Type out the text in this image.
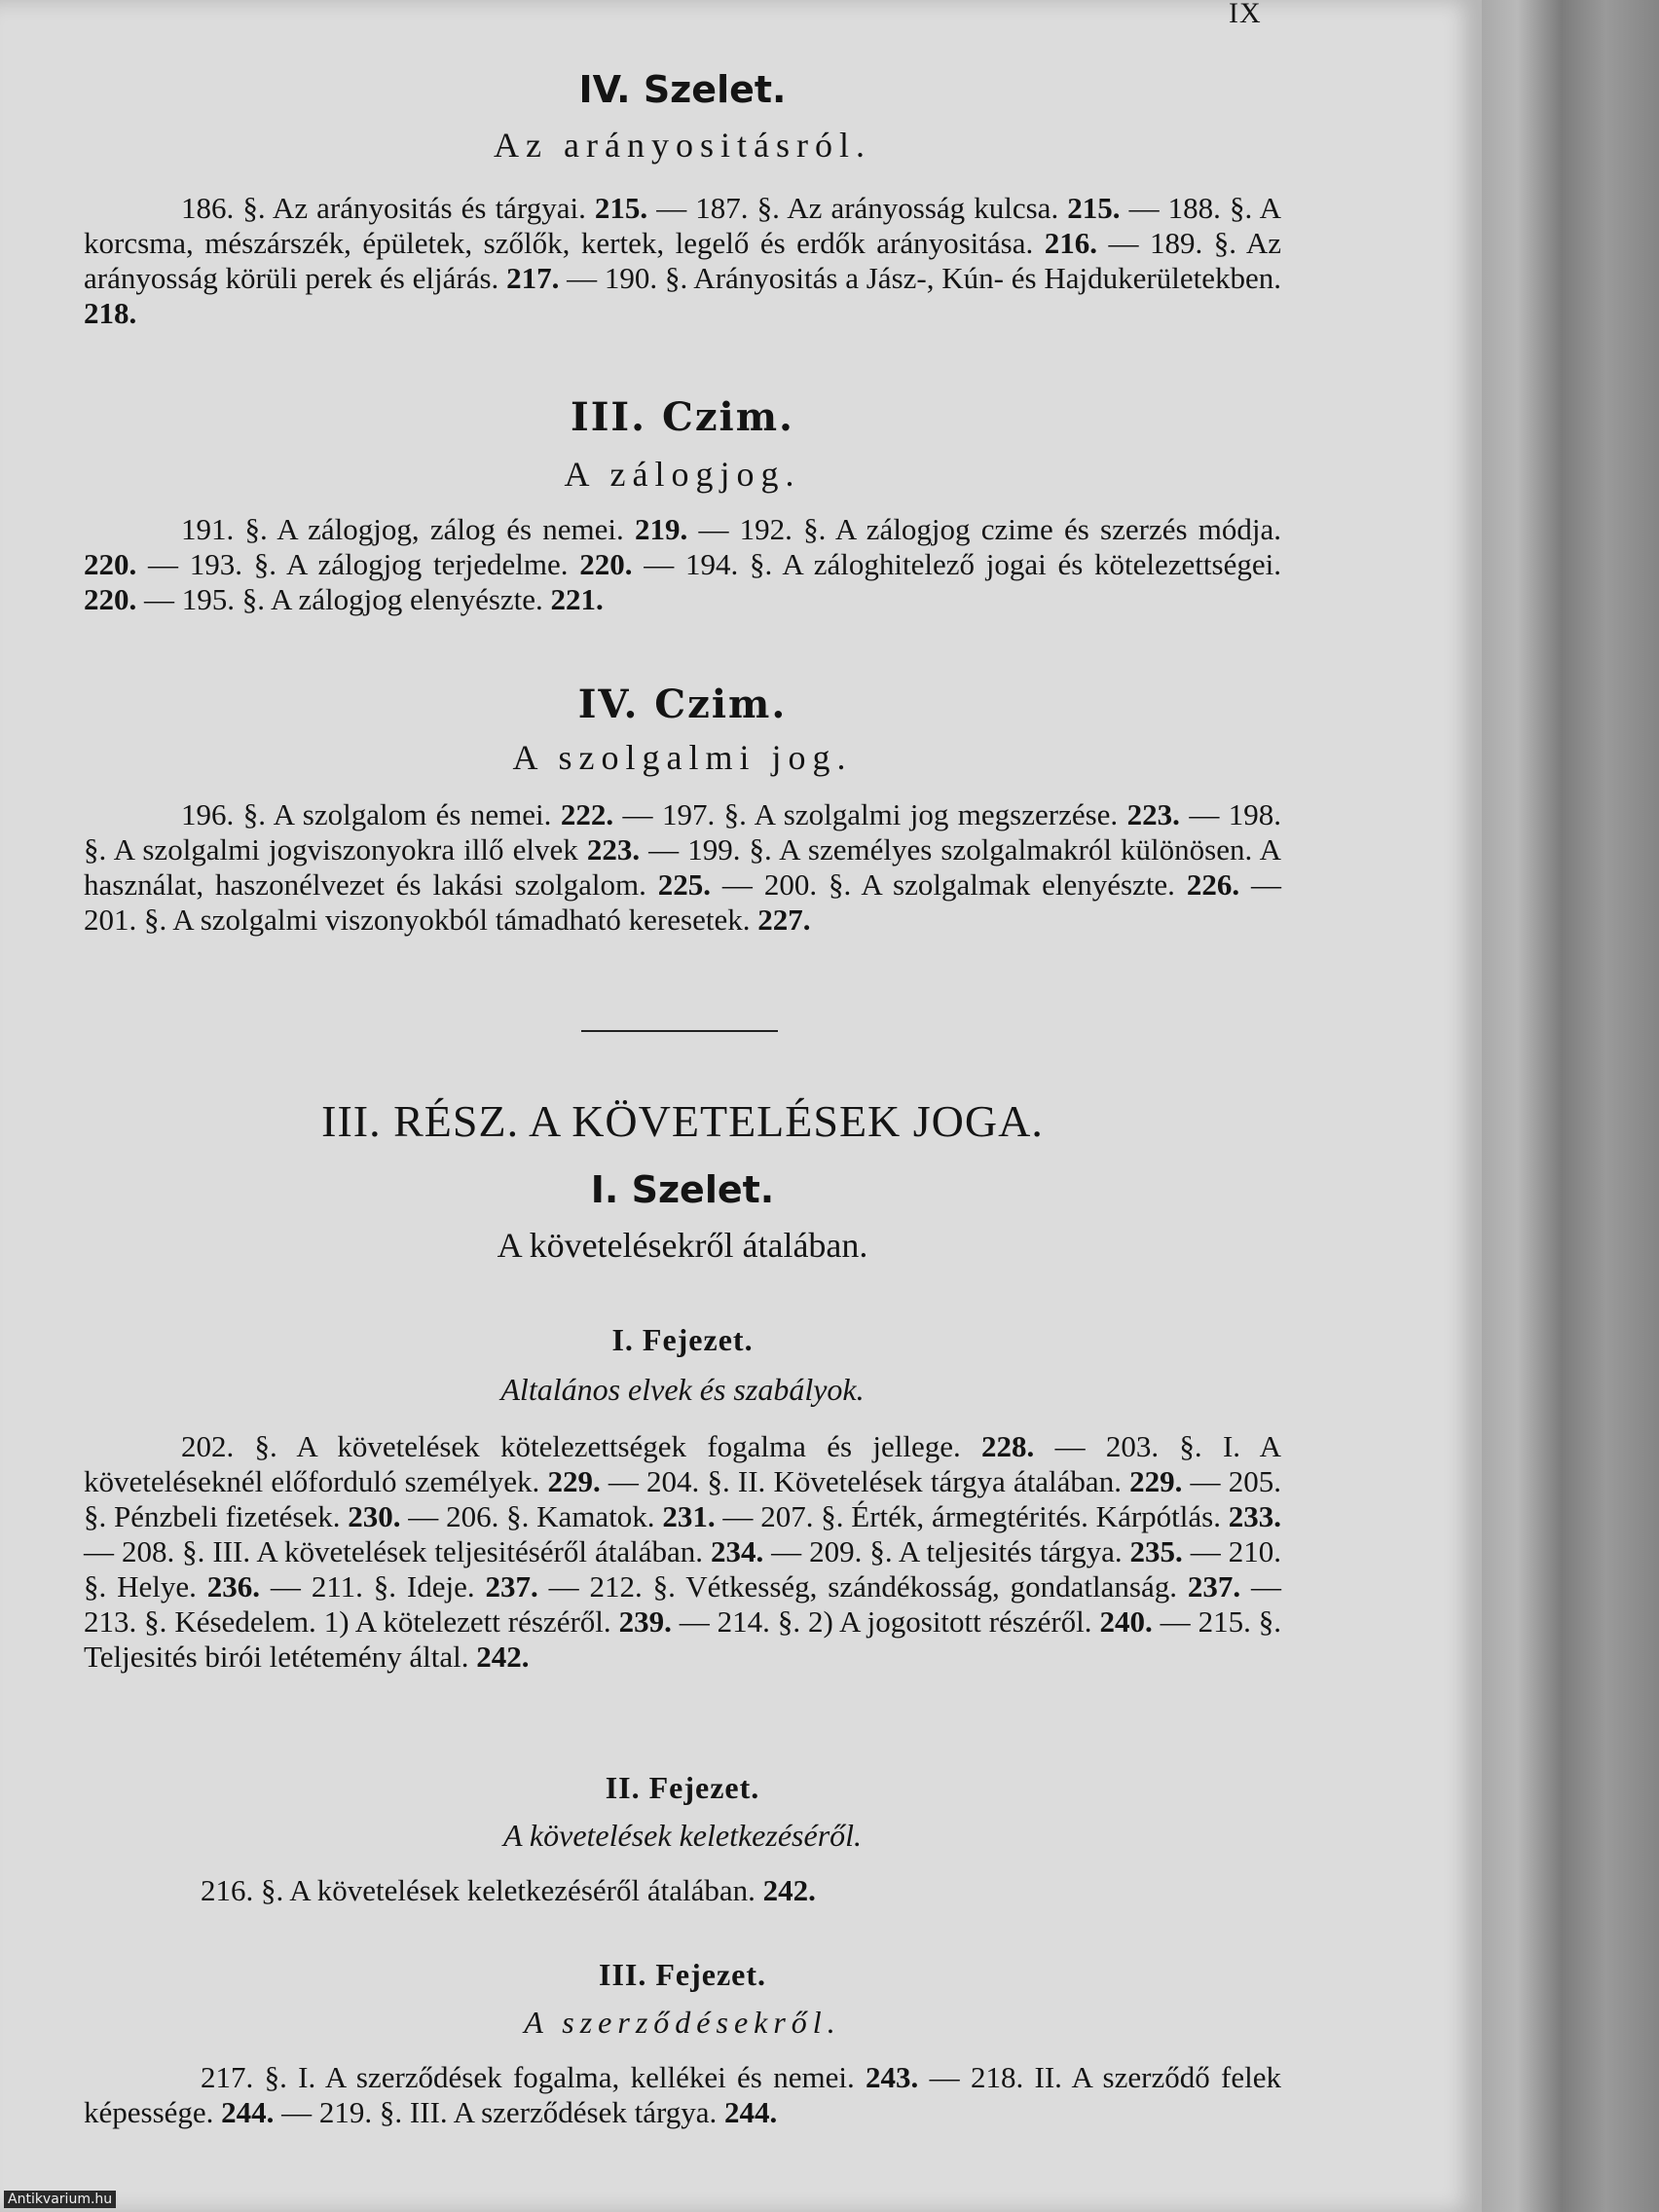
IX
IV. Szelet.
Az arányositásról.

186. §. Az arányositás és tárgyai. 215. — 187. §. Az arányosság kulcsa. 215. — 188. §. A korcsma, mészárszék, épületek, szőlők, kertek, legelő és erdők arányositása. 216. — 189. §. Az arányosság körüli perek és eljárás. 217. — 190. §. Arányositás a Jász-, Kún- és Hajdukerületekben. 218.

III. Czim.
A zálogjog.

191. §. A zálogjog, zálog és nemei. 219. — 192. §. A zálogjog czime és szerzés módja. 220. — 193. §. A zálogjog terjedelme. 220. — 194. §. A záloghitelező jogai és kötelezettségei. 220. — 195. §. A zálogjog elenyészte. 221.

IV. Czim.
A szolgalmi jog.

196. §. A szolgalom és nemei. 222. — 197. §. A szolgalmi jog megszerzése. 223. — 198. §. A szolgalmi jogviszonyokra illő elvek 223. — 199. §. A személyes szolgalmakról különösen. A használat, haszonélvezet és lakási szolgalom. 225. — 200. §. A szolgalmak elenyészte. 226. — 201. §. A szolgalmi viszonyokból támadható keresetek. 227.

III. RÉSZ. A KÖVETELÉSEK JOGA.
I. Szelet.
A követelésekről átalában.
I. Fejezet.
Altalános elvek és szabályok.

202. §. A követelések kötelezettségek fogalma és jellege. 228. — 203. §. I. A követeléseknél előforduló személyek. 229. — 204. §. II. Követelések tárgya átalában. 229. — 205. §. Pénzbeli fizetések. 230. — 206. §. Kamatok. 231. — 207. §. Érték, ármegtérités. Kárpótlás. 233. — 208. §. III. A követelések teljesitéséről átalában. 234. — 209. §. A teljesités tárgya. 235. — 210. §. Helye. 236. — 211. §. Ideje. 237. — 212. §. Vétkesség, szándékosság, gondatlanság. 237. — 213. §. Késedelem. 1) A kötelezett részéről. 239. — 214. §. 2) A jogositott részéről. 240. — 215. §. Teljesités birói letétemény által. 242.

II. Fejezet.
A követelések keletkezéséről.

216. §. A követelések keletkezéséről átalában. 242.

III. Fejezet.
A szerződésekről.

217. §. I. A szerződések fogalma, kellékei és nemei. 243. — 218. II. A szerződő felek képessége. 244. — 219. §. III. A szerződések tárgya. 244.

Antikvarium.hu
